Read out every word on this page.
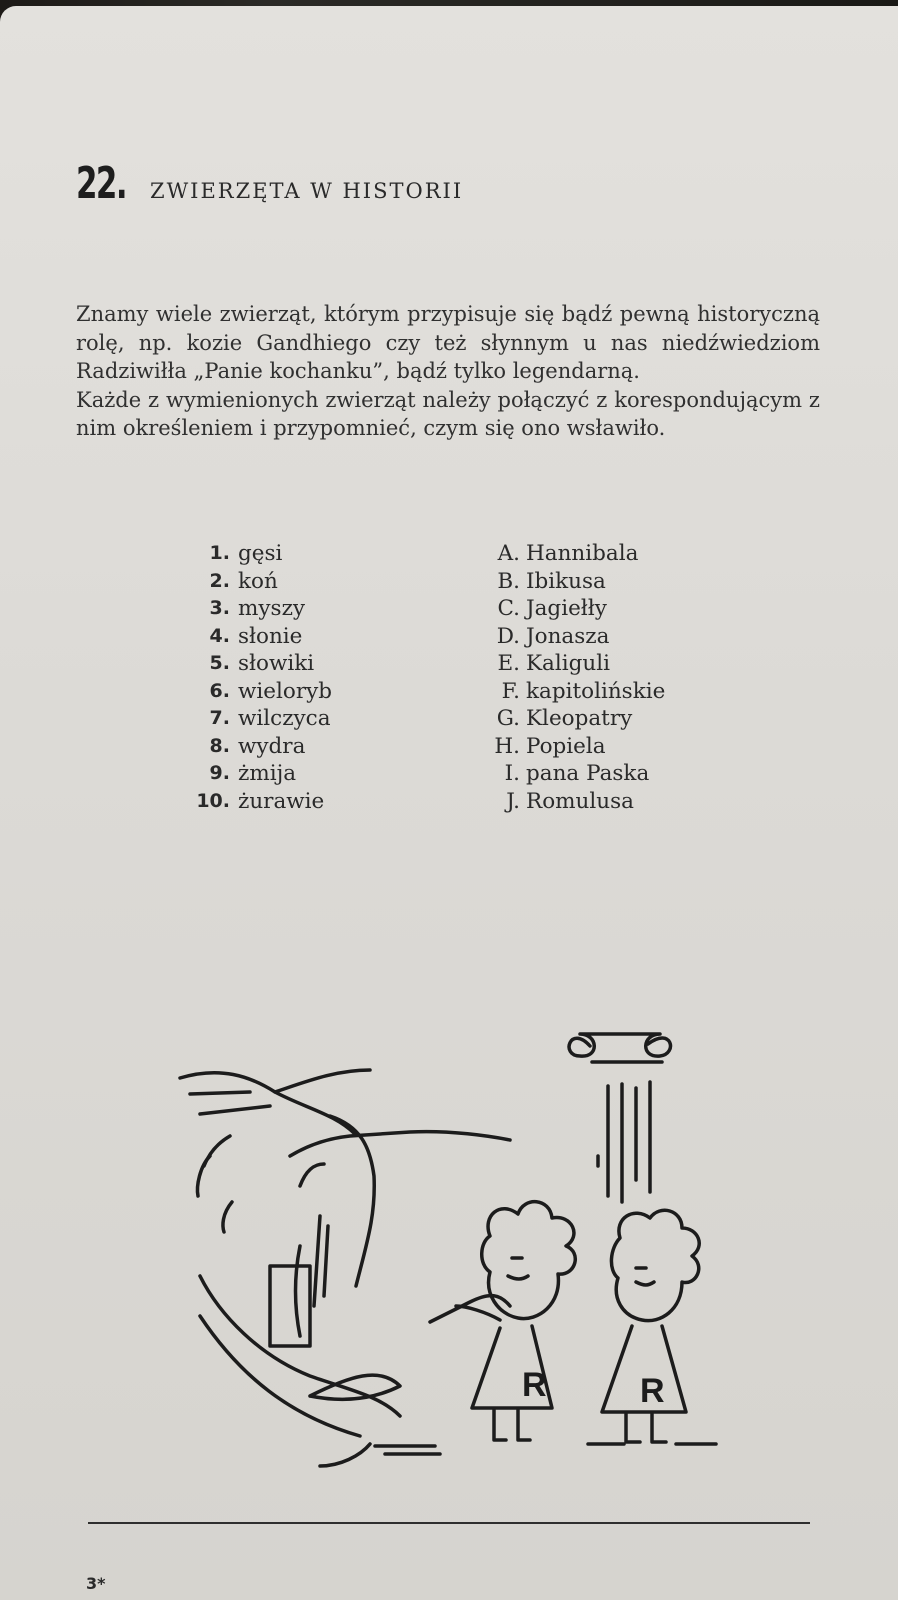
22. ZWIERZĘTA W HISTORII

Znamy wiele zwierząt, którym przypisuje się bądź pewną historyczną rolę, np. kozie Gandhiego czy też słynnym u nas niedźwiedziom Radziwiłła „Panie kochanku”, bądź tylko legendarną.

Każde z wymienionych zwierząt należy połączyć z korespondującym z nim określeniem i przypomnieć, czym się ono wsławiło.

1. gęsi
2. koń
3. myszy
4. słonie
5. słowiki
6. wieloryb
7. wilczyca
8. wydra
9. żmija
10. żurawie
A. Hannibala
B. Ibikusa
C. Jagiełły
D. Jonasza
E. Kaliguli
F. kapitolińskie
G. Kleopatry
H. Popiela
I. pana Paska
J. Romulusa
R	R
3*
